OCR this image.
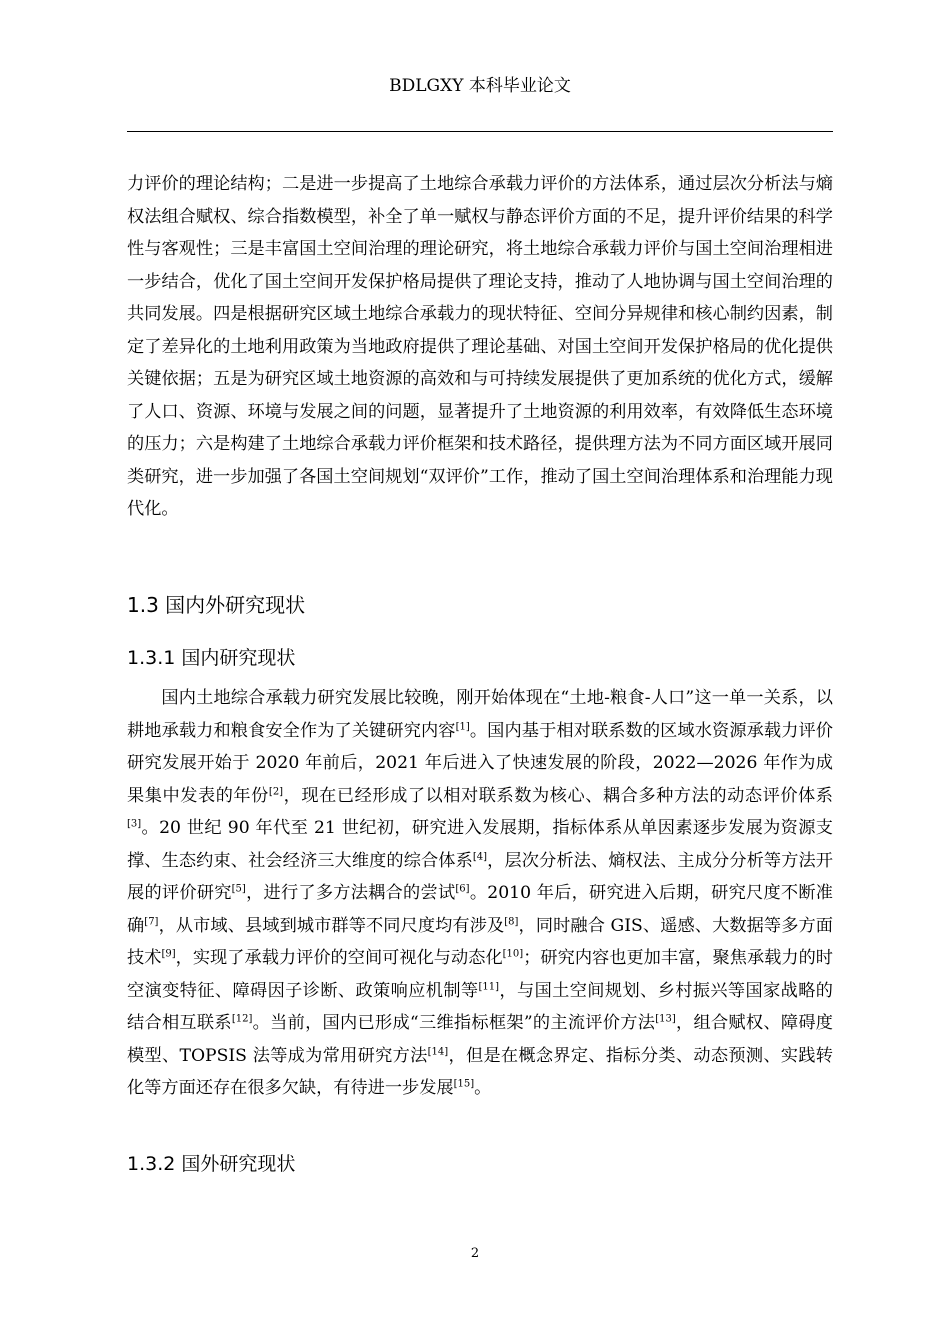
BDLGXY 本科毕业论文

力评价的理论结构；二是进一步提高了土地综合承载力评价的方法体系，通过层次分析法与熵权法组合赋权、综合指数模型，补全了单一赋权与静态评价方面的不足，提升评价结果的科学性与客观性；三是丰富国土空间治理的理论研究，将土地综合承载力评价与国土空间治理相进一步结合，优化了国土空间开发保护格局提供了理论支持，推动了人地协调与国土空间治理的共同发展。四是根据研究区域土地综合承载力的现状特征、空间分异规律和核心制约因素，制定了差异化的土地利用政策为当地政府提供了理论基础、对国土空间开发保护格局的优化提供关键依据；五是为研究区域土地资源的高效和与可持续发展提供了更加系统的优化方式，缓解了人口、资源、环境与发展之间的问题，显著提升了土地资源的利用效率，有效降低生态环境的压力；六是构建了土地综合承载力评价框架和技术路径，提供理方法为不同方面区域开展同类研究，进一步加强了各国土空间规划“双评价”工作，推动了国土空间治理体系和治理能力现代化。

1.3 国内外研究现状
1.3.1 国内研究现状

国内土地综合承载力研究发展比较晚，刚开始体现在“土地-粮食-人口”这一单一关系，以耕地承载力和粮食安全作为了关键研究内容[1]。国内基于相对联系数的区域水资源承载力评价研究发展开始于 2020 年前后，2021 年后进入了快速发展的阶段，2022—2026 年作为成果集中发表的年份[2]，现在已经形成了以相对联系数为核心、耦合多种方法的动态评价体系[3]。20 世纪 90 年代至 21 世纪初，研究进入发展期，指标体系从单因素逐步发展为资源支撑、生态约束、社会经济三大维度的综合体系[4]，层次分析法、熵权法、主成分分析等方法开展的评价研究[5]，进行了多方法耦合的尝试[6]。2010 年后，研究进入后期，研究尺度不断准确[7]，从市域、县域到城市群等不同尺度均有涉及[8]，同时融合 GIS、遥感、大数据等多方面技术[9]，实现了承载力评价的空间可视化与动态化[10]；研究内容也更加丰富，聚焦承载力的时空演变特征、障碍因子诊断、政策响应机制等[11]，与国土空间规划、乡村振兴等国家战略的结合相互联系[12]。当前，国内已形成“三维指标框架”的主流评价方法[13]，组合赋权、障碍度模型、TOPSIS 法等成为常用研究方法[14]，但是在概念界定、指标分类、动态预测、实践转化等方面还存在很多欠缺，有待进一步发展[15]。

1.3.2 国外研究现状
2
